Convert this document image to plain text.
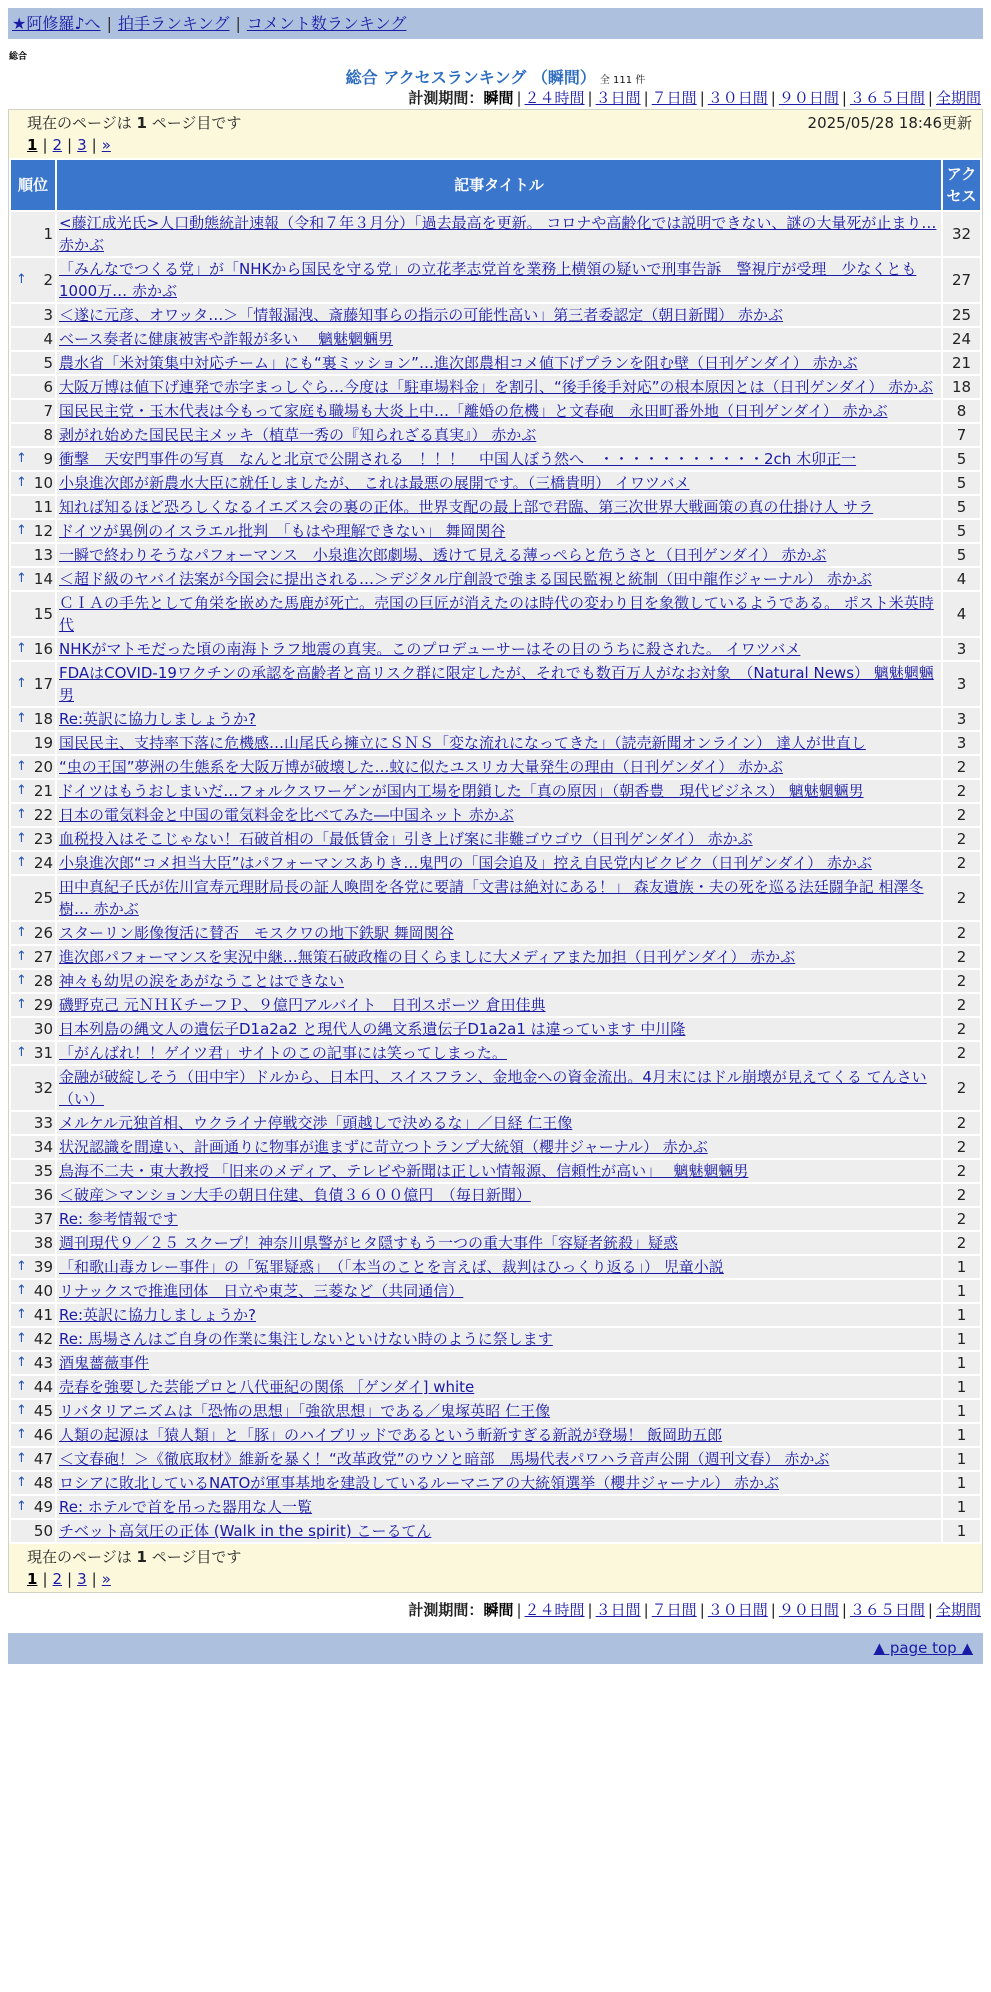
★阿修羅♪へ | 拍手ランキング | コメント数ランキング
総合
総合 アクセスランキング （瞬間） 全 111 件
計測期間：瞬間 | ２４時間 | ３日間 | ７日間 | ３０日間 | ９０日間 | ３６５日間 | 全期間
現在のページは 1 ページ目です	2025/05/28 18:46更新
1 | 2 | 3 | »
順位	記事タイトル	アクセス
1	<藤江成光氏>人口動態統計速報（令和７年３月分）「過去最高を更新。 コロナや高齢化では説明できない、謎の大量死が止まり… 赤かぶ	32

↑ 2	「みんなでつくる党」が「NHKから国民を守る党」の立花孝志党首を業務上横領の疑いで刑事告訴　警視庁が受理　少なくとも1000万… 赤かぶ	27
3	＜遂に元彦、オワッタ…＞「情報漏洩、斎藤知事らの指示の可能性高い」第三者委認定（朝日新聞） 赤かぶ	25
4	ベース奏者に健康被害や詐報が多い　 魑魅魍魎男	24
5	農水省「米対策集中対応チーム」にも“裏ミッション”…進次郎農相コメ値下げプランを阻む壁（日刊ゲンダイ） 赤かぶ	21
6	大阪万博は値下げ連発で赤字まっしぐら…今度は「駐車場料金」を割引、“後手後手対応”の根本原因とは（日刊ゲンダイ） 赤かぶ	18
7	国民民主党・玉木代表は今もって家庭も職場も大炎上中…「離婚の危機」と文春砲　永田町番外地（日刊ゲンダイ） 赤かぶ	8
8	剥がれ始めた国民民主メッキ（植草一秀の『知られざる真実』） 赤かぶ	7

↑ 9	衝撃　天安門事件の写真　なんと北京で公開される　！！！　中国人ぼう然へ　・・・・・・・・・・・2ch 木卯正一	5

↑ 10	小泉進次郎が新農水大臣に就任しましたが、 これは最悪の展開です。（三橋貴明） イワツバメ	5
11	知れば知るほど恐ろしくなるイエズス会の裏の正体。世界支配の最上部で君臨、第三次世界大戦画策の真の仕掛け人 サラ	5

↑ 12	ドイツが異例のイスラエル批判　「もはや理解できない」 舞岡関谷	5
13	一瞬で終わりそうなパフォーマンス　小泉進次郎劇場、透けて見える薄っぺらと危うさと（日刊ゲンダイ） 赤かぶ	5

↑ 14	＜超ド級のヤバイ法案が今国会に提出される…＞デジタル庁創設で強まる国民監視と統制（田中龍作ジャーナル） 赤かぶ	4
15	ＣＩＡの手先として角栄を嵌めた馬鹿が死亡。売国の巨匠が消えたのは時代の変わり目を象徴しているようである。 ポスト米英時代	4

↑ 16	NHKがマトモだった頃の南海トラフ地震の真実。このプロデューサーはその日のうちに殺された。 イワツバメ	3

↑ 17	FDAはCOVID-19ワクチンの承認を高齢者と高リスク群に限定したが、それでも数百万人がなお対象　（Natural News） 魑魅魍魎男	3

↑ 18	Re:英訳に協力しましょうか?	3
19	国民民主、支持率下落に危機感…山尾氏ら擁立にＳＮＳ「変な流れになってきた」（読売新聞オンライン） 達人が世直し	3

↑ 20	“虫の王国”夢洲の生態系を大阪万博が破壊した…蚊に似たユスリカ大量発生の理由（日刊ゲンダイ） 赤かぶ	2

↑ 21	ドイツはもうおしまいだ…フォルクスワーゲンが国内工場を閉鎖した「真の原因」（朝香豊　現代ビジネス） 魑魅魍魎男	2

↑ 22	日本の電気料金と中国の電気料金を比べてみた―中国ネット 赤かぶ	2

↑ 23	血税投入はそこじゃない！石破首相の「最低賃金」引き上げ案に非難ゴウゴウ（日刊ゲンダイ） 赤かぶ	2

↑ 24	小泉進次郎“コメ担当大臣”はパフォーマンスありき…鬼門の「国会追及」控え自民党内ビクビク（日刊ゲンダイ） 赤かぶ	2
25	田中真紀子氏が佐川宣寿元理財局長の証人喚問を各党に要請「文書は絶対にある！」 森友遺族・夫の死を巡る法廷闘争記 相澤冬樹… 赤かぶ	2

↑ 26	スターリン彫像復活に賛否　モスクワの地下鉄駅 舞岡関谷	2

↑ 27	進次郎パフォーマンスを実況中継…無策石破政権の目くらましに大メディアまた加担（日刊ゲンダイ） 赤かぶ	2

↑ 28	神々も幼児の涙をあがなうことはできない	2

↑ 29	磯野克己 元ＮＨＫチーフＰ、９億円アルバイト　日刊スポーツ 倉田佳典	2
30	日本列島の縄文人の遺伝子D1a2a2 と現代人の縄文系遺伝子D1a2a1 は違っています 中川隆	2

↑ 31	「がんばれ！！ゲイツ君」サイトのこの記事には笑ってしまった。	2
32	金融が破綻しそう（田中宇）ドルから、日本円、スイスフラン、金地金への資金流出。4月末にはドル崩壊が見えてくる てんさい（い）	2
33	メルケル元独首相、ウクライナ停戦交渉「頭越しで決めるな」／日経 仁王像	2
34	状況認識を間違い、計画通りに物事が進まずに苛立つトランプ大統領（櫻井ジャーナル） 赤かぶ	2
35	鳥海不二夫・東大教授 「旧来のメディア、テレビや新聞は正しい情報源、信頼性が高い」　 魑魅魍魎男	2
36	＜破産＞マンション大手の朝日住建、負債３６００億円　（毎日新聞）	2
37	Re: 参考情報です	2
38	週刊現代９／２５ スクープ！神奈川県警がヒタ隠すもう一つの重大事件「容疑者銃殺」疑惑	2

↑ 39	「和歌山毒カレー事件」の「冤罪疑惑」　（「本当のことを言えば、裁判はひっくり返る」） 児童小説	1

↑ 40	リナックスで推進団体　日立や東芝、三菱など（共同通信）	1

↑ 41	Re:英訳に協力しましょうか?	1

↑ 42	Re: 馬場さんはご自身の作業に集注しないといけない時のように祭します	1

↑ 43	酒鬼薔薇事件	1

↑ 44	売春を強要した芸能プロと八代亜紀の関係 ［ゲンダイ] white	1

↑ 45	リバタリアニズムは「恐怖の思想」「強欲思想」である／鬼塚英昭 仁王像	1

↑ 46	人類の起源は「猿人類」と「豚」のハイブリッドであるという斬新すぎる新説が登場！ 飯岡助五郎	1

↑ 47	＜文春砲！＞《徹底取材》維新を暴く！“改革政党”のウソと暗部　馬場代表パワハラ音声公開（週刊文春） 赤かぶ	1

↑ 48	ロシアに敗北しているNATOが軍事基地を建設しているルーマニアの大統領選挙（櫻井ジャーナル） 赤かぶ	1

↑ 49	Re: ホテルで首を吊った器用な人一覧	1
50	チベット高気圧の正体 (Walk in the spirit) こーるてん	1
現在のページは 1 ページ目です
1 | 2 | 3 | »
計測期間：瞬間 | ２４時間 | ３日間 | ７日間 | ３０日間 | ９０日間 | ３６５日間 | 全期間
▲ page top ▲
